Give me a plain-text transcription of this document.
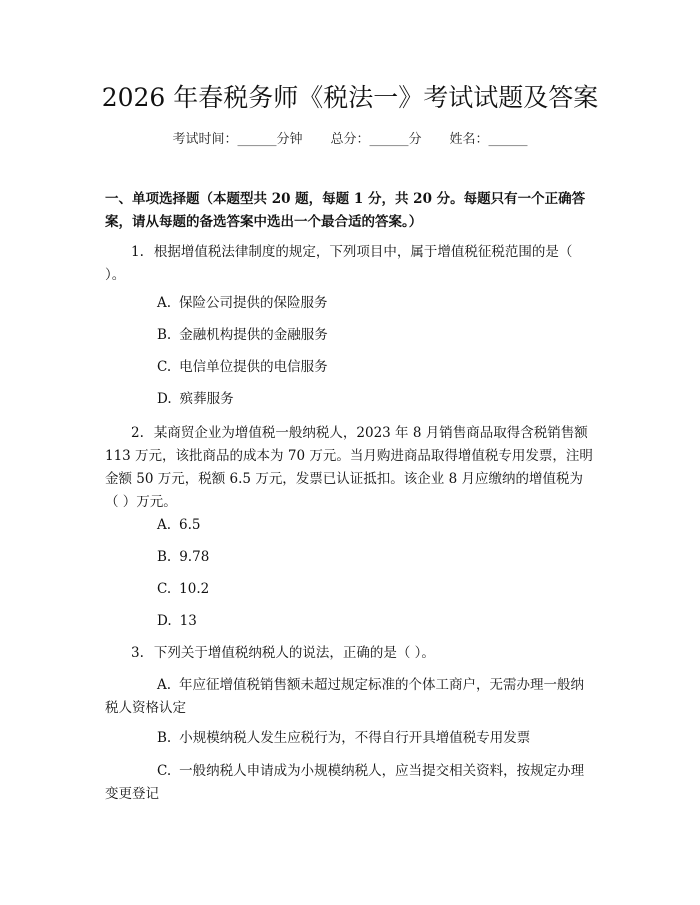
2026 年春税务师《税法一》考试试题及答案
考试时间：______分钟 总分：______分 姓名：______
一、单项选择题（本题型共 20 题，每题 1 分，共 20 分。每题只有一个正确答案，请从每题的备选答案中选出一个最合适的答案。）
1. 根据增值税法律制度的规定，下列项目中，属于增值税征税范围的是（ ）。
A. 保险公司提供的保险服务
B. 金融机构提供的金融服务
C. 电信单位提供的电信服务
D. 殡葬服务
2. 某商贸企业为增值税一般纳税人，2023 年 8 月销售商品取得含税销售额 113 万元，该批商品的成本为 70 万元。当月购进商品取得增值税专用发票，注明金额 50 万元，税额 6.5 万元，发票已认证抵扣。该企业 8 月应缴纳的增值税为（ ）万元。
A. 6.5
B. 9.78
C. 10.2
D. 13
3. 下列关于增值税纳税人的说法，正确的是（ ）。
A. 年应征增值税销售额未超过规定标准的个体工商户，无需办理一般纳税人资格认定
B. 小规模纳税人发生应税行为，不得自行开具增值税专用发票
C. 一般纳税人申请成为小规模纳税人，应当提交相关资料，按规定办理变更登记
